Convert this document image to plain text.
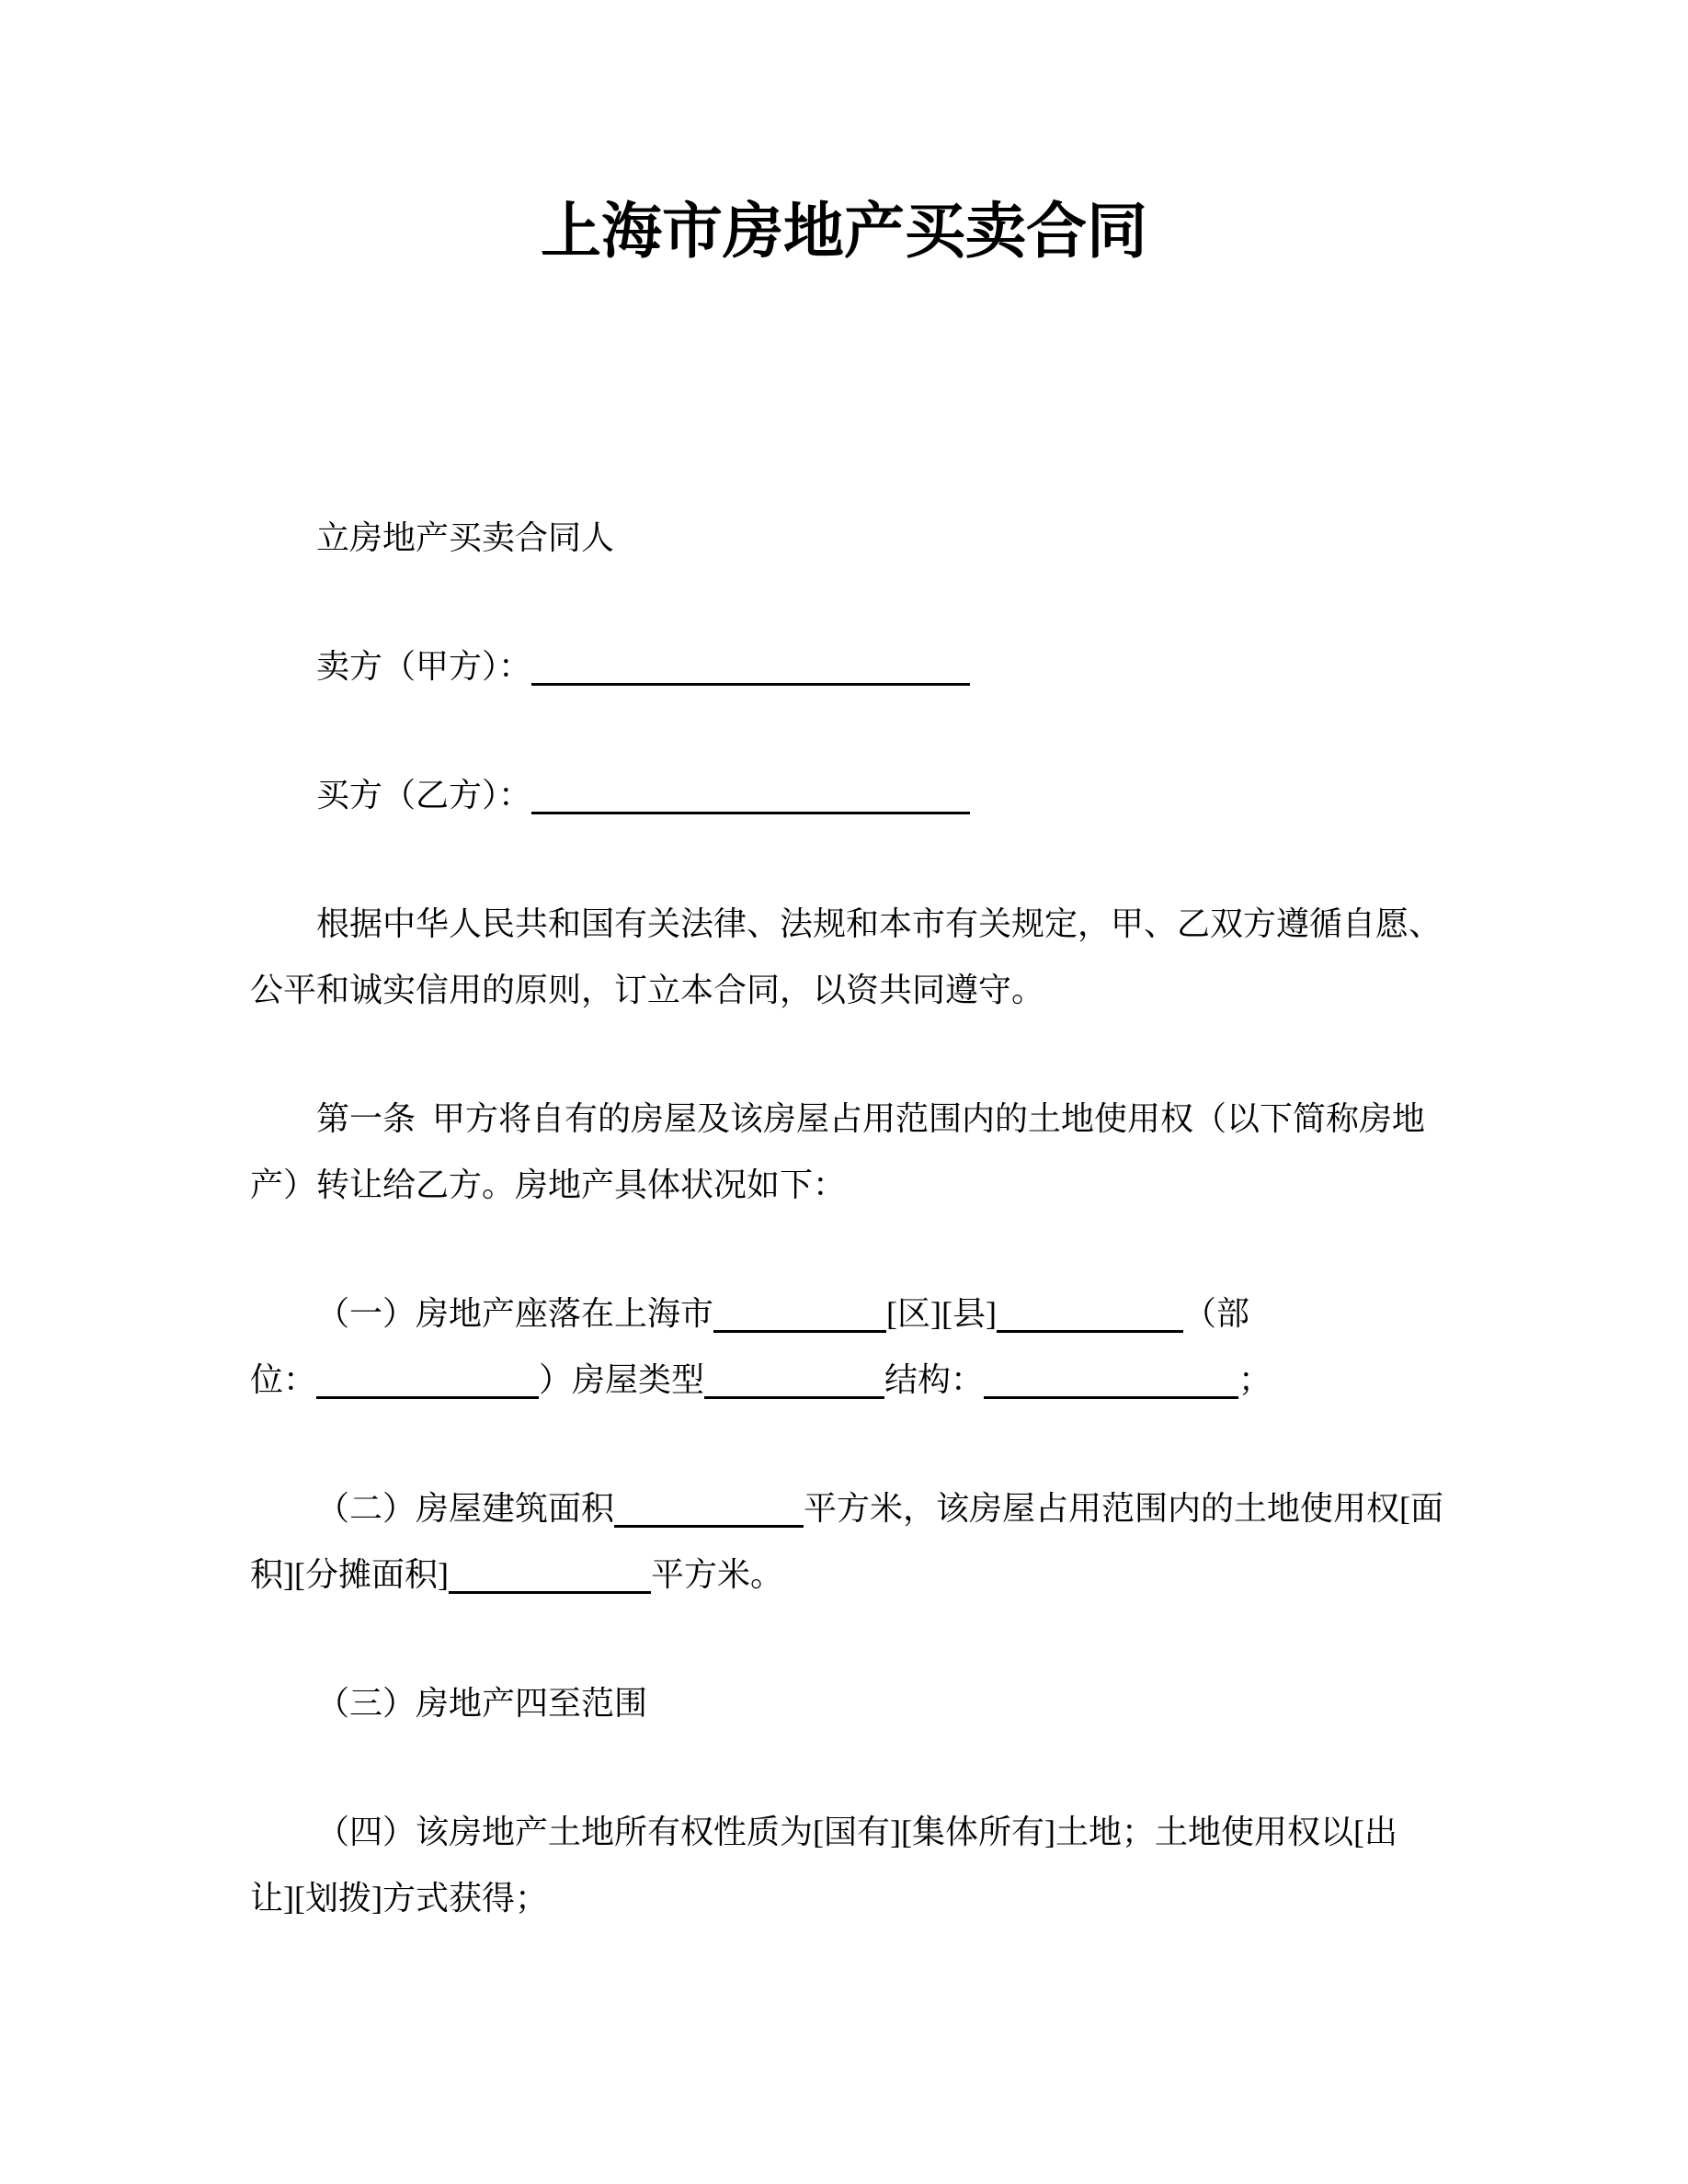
上海市房地产买卖合同
立房地产买卖合同人
卖方（甲方）：
买方（乙方）：
根据中华人民共和国有关法律、法规和本市有关规定，甲、乙双方遵循自愿、
公平和诚实信用的原则，订立本合同，以资共同遵守。
第一条 甲方将自有的房屋及该房屋占用范围内的土地使用权（以下简称房地
产）转让给乙方。房地产具体状况如下：
（一）房地产座落在上海市	[区][县]	（部
位：	）房屋类型	结构：	；
（二）房屋建筑面积	平方米，该房屋占用范围内的土地使用权[面
积][分摊面积]	平方米。
（三）房地产四至范围
（四）该房地产土地所有权性质为[国有][集体所有]土地；土地使用权以[出
让][划拨]方式获得；
